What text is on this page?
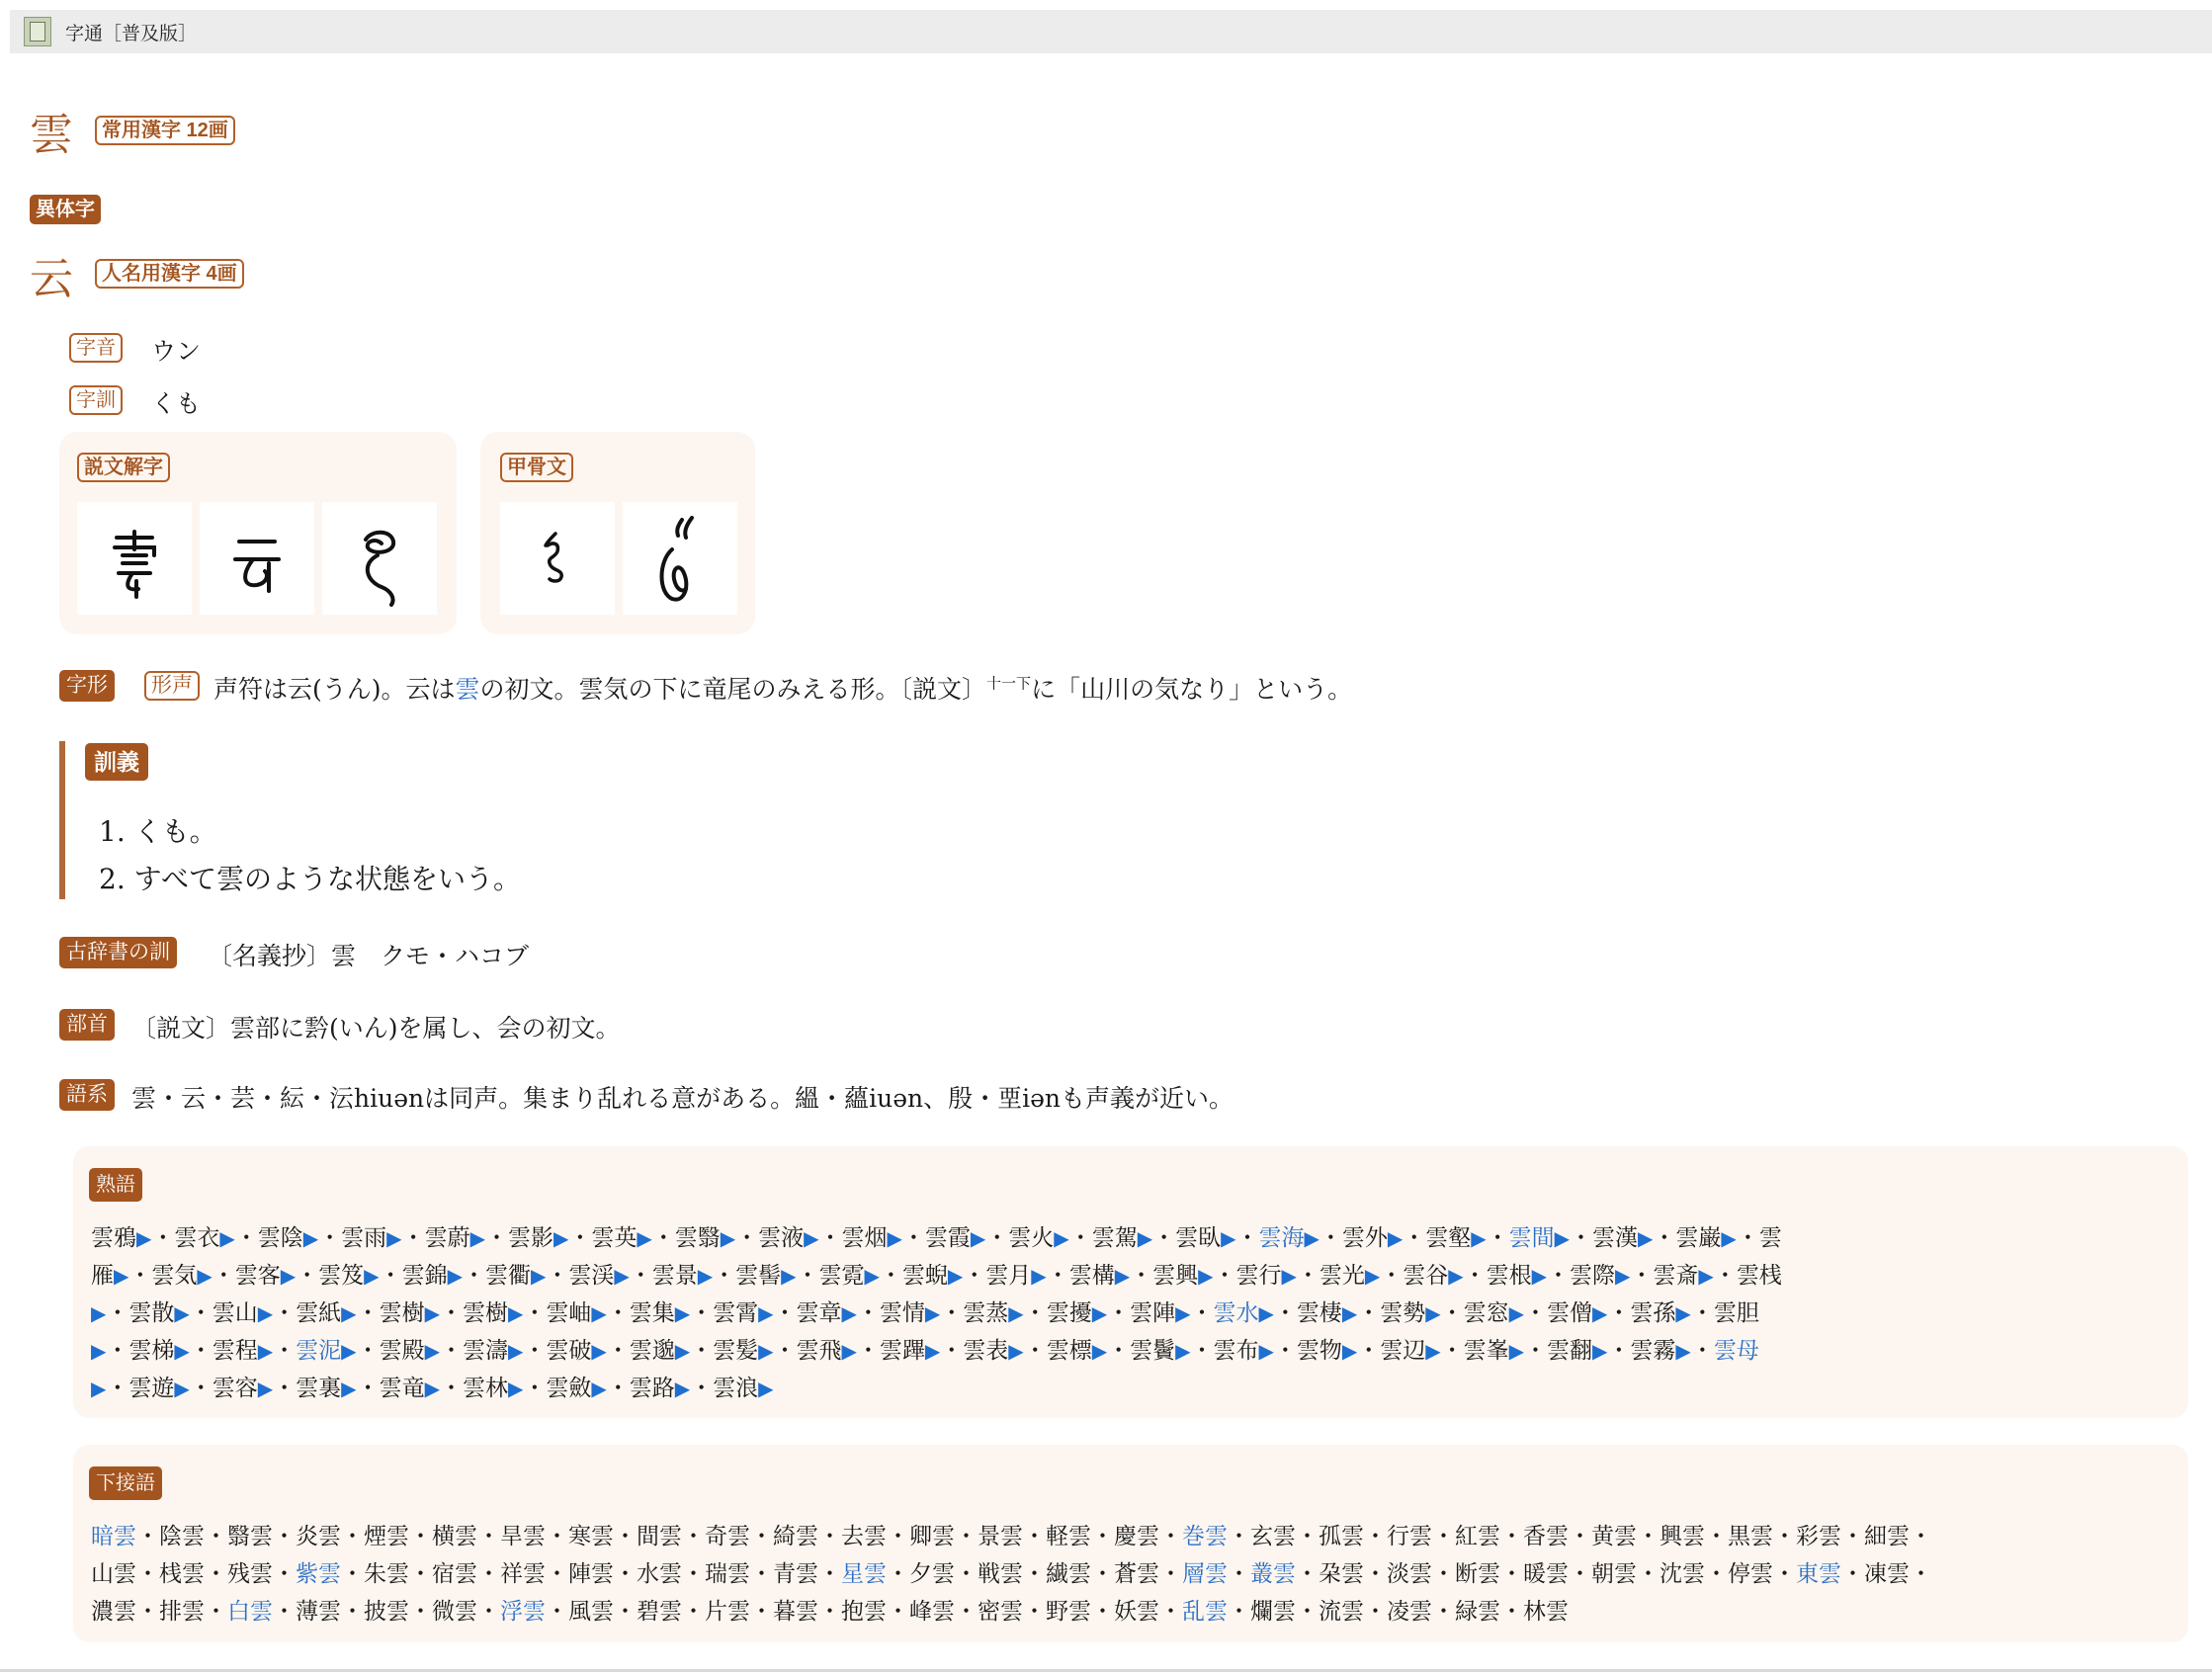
字通［普及版］
雲	常用漢字 12画
異体字
云	人名用漢字 4画
字音 ウン
字訓 くも
説文解字	甲骨文
字形	形声 声符は云(うん)。云は雲の初文。雲気の下に竜尾のみえる形。〔説文〕$^{十一下}$に「山川の気なり」という。
訓義
1. くも。
2. すべて雲のような状態をいう。
古辞書の訓 〔名義抄〕雲　クモ・ハコブ
部首 〔説文〕雲部に霒(いん)を属し、会の初文。
語系 雲・云・芸・紜・沄hiuənは同声。集まり乱れる意がある。縕・蘊iuən、殷・垔iənも声義が近い。
熟語
雲鴉▶・雲衣▶・雲陰▶・雲雨▶・雲蔚▶・雲影▶・雲英▶・雲翳▶・雲液▶・雲烟▶・雲霞▶・雲火▶・雲駕▶・雲臥▶・雲海▶・雲外▶・雲壑▶・雲間▶・雲漢▶・雲巌▶・雲
雁▶・雲気▶・雲客▶・雲笈▶・雲錦▶・雲衢▶・雲渓▶・雲景▶・雲髻▶・雲霓▶・雲蜺▶・雲月▶・雲構▶・雲興▶・雲行▶・雲光▶・雲谷▶・雲根▶・雲際▶・雲斎▶・雲桟
▶・雲散▶・雲山▶・雲紙▶・雲樹▶・雲樹▶・雲岫▶・雲集▶・雲霄▶・雲章▶・雲情▶・雲蒸▶・雲擾▶・雲陣▶・雲水▶・雲棲▶・雲勢▶・雲窓▶・雲僧▶・雲孫▶・雲胆
▶・雲梯▶・雲程▶・雲泥▶・雲殿▶・雲濤▶・雲破▶・雲邈▶・雲髪▶・雲飛▶・雲蹕▶・雲表▶・雲標▶・雲鬢▶・雲布▶・雲物▶・雲辺▶・雲峯▶・雲翻▶・雲霧▶・雲母
▶・雲遊▶・雲容▶・雲裏▶・雲竜▶・雲林▶・雲斂▶・雲路▶・雲浪▶
下接語
暗雲・陰雲・翳雲・炎雲・煙雲・横雲・旱雲・寒雲・間雲・奇雲・綺雲・去雲・卿雲・景雲・軽雲・慶雲・巻雲・玄雲・孤雲・行雲・紅雲・香雲・黄雲・興雲・黒雲・彩雲・細雲・
山雲・桟雲・残雲・紫雲・朱雲・宿雲・祥雲・陣雲・水雲・瑞雲・青雲・星雲・夕雲・戦雲・繊雲・蒼雲・層雲・叢雲・朶雲・淡雲・断雲・暖雲・朝雲・沈雲・停雲・東雲・凍雲・
濃雲・排雲・白雲・薄雲・披雲・微雲・浮雲・風雲・碧雲・片雲・暮雲・抱雲・峰雲・密雲・野雲・妖雲・乱雲・爛雲・流雲・凌雲・緑雲・林雲
